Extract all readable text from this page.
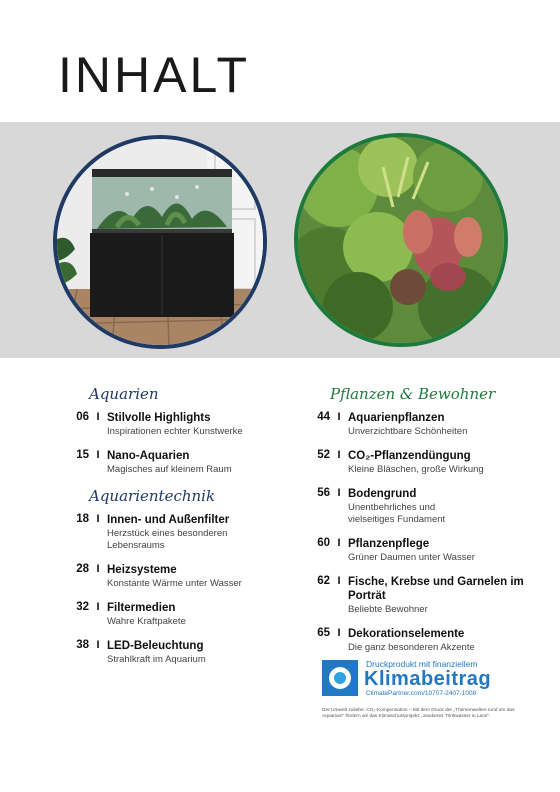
INHALT
Aquarien
06 I Stilvolle Highlights
Inspirationen echter Kunstwerke
15 I Nano-Aquarien
Magisches auf kleinem Raum
Aquarientechnik
18 I Innen- und Außenfilter
Herzstück eines besonderen Lebensraums
28 I Heizsysteme
Konstante Wärme unter Wasser
32 I Filtermedien
Wahre Kraftpakete
38 I LED-Beleuchtung
Strahlkraft im Aquarium
Pflanzen & Bewohner
44 I Aquarienpflanzen
Unverzichtbare Schönheiten
52 I CO₂-Pflanzendüngung
Kleine Bläschen, große Wirkung
56 I Bodengrund
Unentbehrliches und vielseitiges Fundament
60 I Pflanzenpflege
Grüner Daumen unter Wasser
62 I Fische, Krebse und Garnelen im Porträt
Beliebte Bewohner
65 I Dekorationselemente
Die ganz besonderen Akzente
Druckprodukt mit finanziellem
Klimabeitrag
ClimatePartner.com/10707-2407-1008
Der Umwelt zuliebe: CO₂-Kompensation – Mit dem Druck der „Themenwelten rund um das Aquarium“ fördern wir das Klimaschutzprojekt: „Sauberes Trinkwasser in Laos“.
